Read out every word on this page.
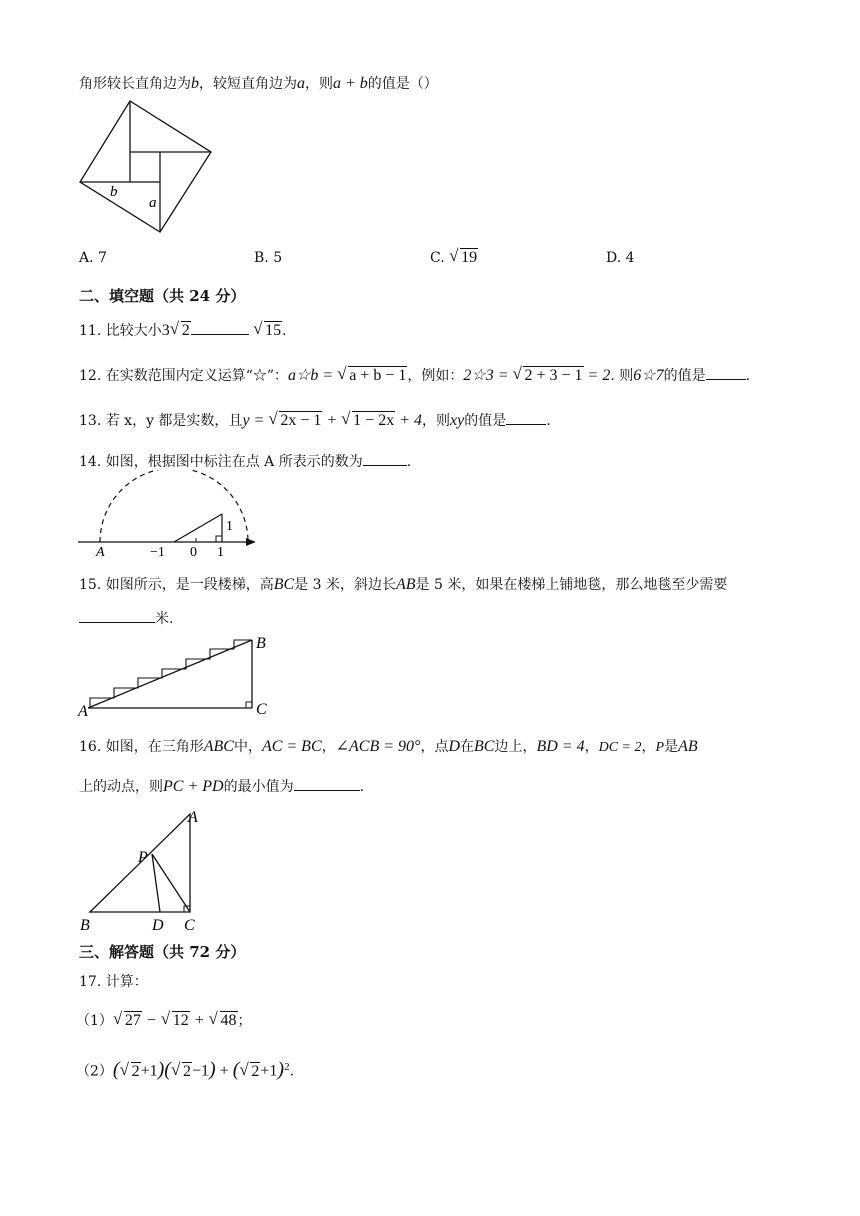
角形较长直角边为b，较短直角边为a，则a + b的值是（）
b
a
A. 7	B. 5	C. √ 19	D. 4
二、填空题（共 24 分）
11. 比较大小3 √ 2	√ 15.
12. 在实数范围内定义运算“☆”：a☆b = √ a + b − 1，例如：2☆3 = √ 2 + 3 − 1 = 2. 则6☆7的值是	.
13. 若 x，y 都是实数，且y = √ 2x − 1 + √ 1 − 2x + 4，则xy的值是	.
14. 如图，根据图中标注在点 A 所表示的数为	.
A	−1 0 1
1
15. 如图所示，是一段楼梯，高BC是 3 米，斜边长AB是 5 米，如果在楼梯上铺地毯，那么地毯至少需要
米.
A
B
C
16. 如图，在三角形ABC中，AC = BC，∠ACB = 90°，点D在BC边上，BD = 4，DC = 2，P是AB
上的动点，则PC + PD的最小值为	.
A
B	C
D
P
三、解答题（共 72 分）
17. 计算：
（1） √ 27 − √ 12 + √ 48；
（2）( √ 2+1)( √ 2−1) + ( √ 2+1)$^2$.
